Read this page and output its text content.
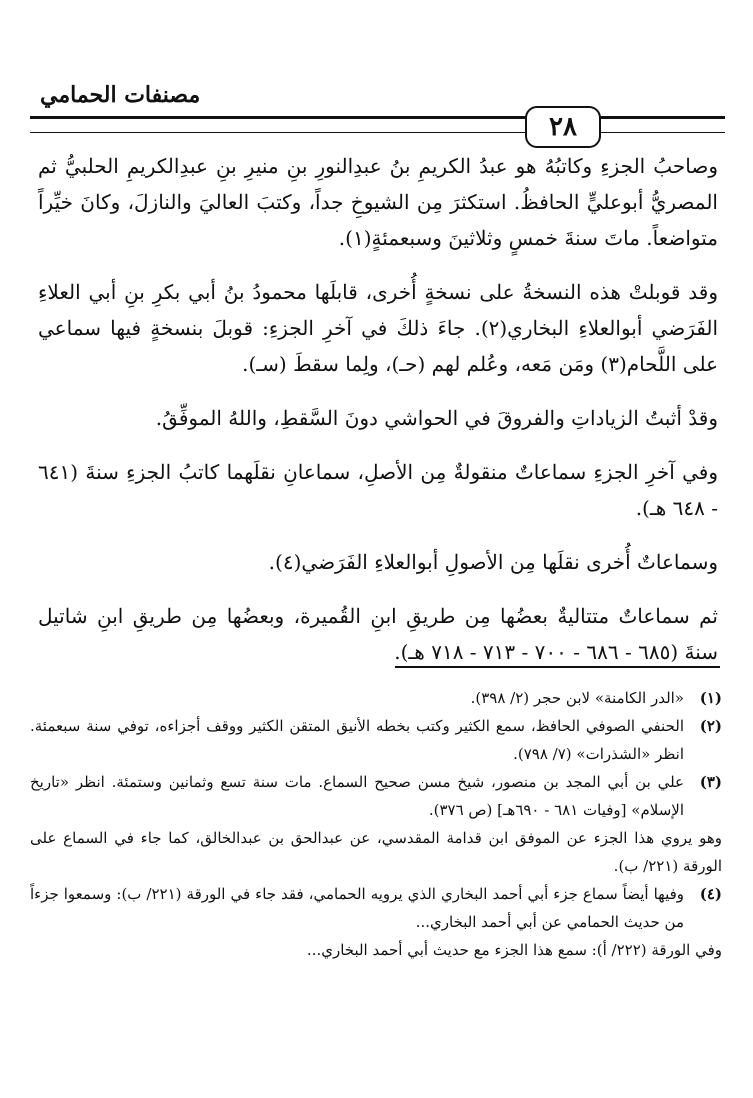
مصنفات الحمامي
٢٨

وصاحبُ الجزءِ وكاتبُهُ هو عبدُ الكريمِ بنُ عبدِالنورِ بنِ منيرِ بنِ عبدِالكريمِ الحلبيُّ ثم المصريُّ أبوعليٍّ الحافظُ. استكثرَ مِن الشيوخِ جداً، وكتبَ العاليَ والنازلَ، وكانَ خيِّراً متواضعاً. ماتَ سنةَ خمسٍ وثلاثينَ وسبعمئةٍ(١).

وقد قوبلتْ هذه النسخةُ على نسخةٍ أُخرى، قابلَها محمودُ بنُ أبي بكرِ بنِ أبي العلاءِ الفَرَضي أبوالعلاءِ البخاري(٢). جاءَ ذلكَ في آخرِ الجزءِ: قوبلَ بنسخةٍ فيها سماعي على اللَّحام(٣) ومَن مَعه، وعُلم لهم (حـ)، ولِما سقطَ (سـ).

وقدْ أثبتُ الزياداتِ والفروقَ في الحواشي دونَ السَّقطِ، واللهُ الموفِّقُ.

وفي آخرِ الجزءِ سماعاتٌ منقولةٌ مِن الأصلِ، سماعانِ نقلَهما كاتبُ الجزءِ سنةَ (٦٤١ - ٦٤٨ هـ).

وسماعاتٌ أُخرى نقلَها مِن الأصولِ أبوالعلاءِ الفَرَضي(٤).

ثم سماعاتٌ متتاليةٌ بعضُها مِن طريقِ ابنِ القُميرة، وبعضُها مِن طريقِ ابنِ شاتيل سنةَ (٦٨٥ - ٦٨٦ - ٧٠٠ - ٧١٣ - ٧١٨ هـ).

(١)
«الدر الكامنة» لابن حجر (٢/ ٣٩٨).
(٢)
الحنفي الصوفي الحافظ، سمع الكثير وكتب بخطه الأنيق المتقن الكثير ووقف أجزاءه، توفي سنة سبعمئة. انظر «الشذرات» (٧/ ٧٩٨).
(٣)
علي بن أبي المجد بن منصور، شيخ مسن صحيح السماع. مات سنة تسع وثمانين وستمئة. انظر «تاريخ الإسلام» [وفيات ٦٨١ - ٦٩٠هـ] (ص ٣٧٦).
وهو يروي هذا الجزء عن الموفق ابن قدامة المقدسي، عن عبدالحق بن عبدالخالق، كما جاء في السماع على الورقة (٢٢١/ ب).
(٤)
وفيها أيضاً سماع جزء أبي أحمد البخاري الذي يرويه الحمامي، فقد جاء في الورقة (٢٢١/ ب): وسمعوا جزءاً من حديث الحمامي عن أبي أحمد البخاري...
وفي الورقة (٢٢٢/ أ): سمع هذا الجزء مع حديث أبي أحمد البخاري...
